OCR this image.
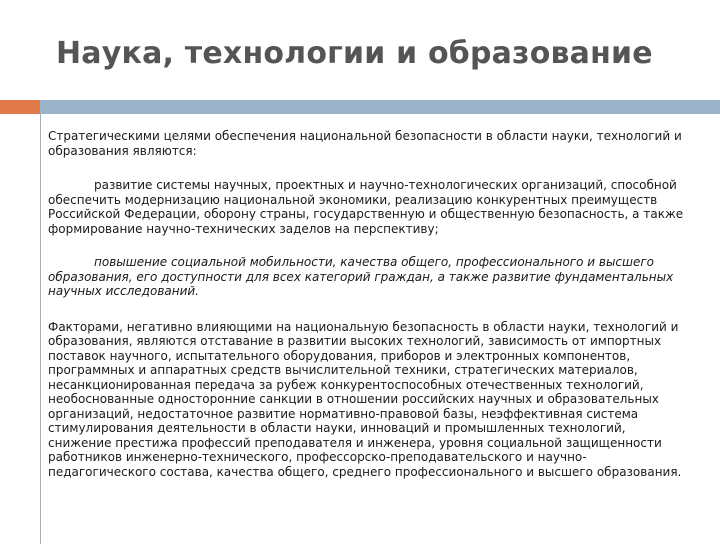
Наука, технологии и образование

Стратегическими целями обеспечения национальной безопасности в области науки, технологий и образования являются:

развитие системы научных, проектных и научно-технологических организаций, способной обеспечить модернизацию национальной экономики, реализацию конкурентных преимуществ Российской Федерации, оборону страны, государственную и общественную безопасность, а также формирование научно-технических заделов на перспективу;

повышение социальной мобильности, качества общего, профессионального и высшего образования, его доступности для всех категорий граждан, а также развитие фундаментальных научных исследований.

Факторами, негативно влияющими на национальную безопасность в области науки, технологий и образования, являются отставание в развитии высоких технологий, зависимость от импортных поставок научного, испытательного оборудования, приборов и электронных компонентов, программных и аппаратных средств вычислительной техники, стратегических материалов, несанкционированная передача за рубеж конкурентоспособных отечественных технологий, необоснованные односторонние санкции в отношении российских научных и образовательных организаций, недостаточное развитие нормативно-правовой базы, неэффективная система стимулирования деятельности в области науки, инноваций и промышленных технологий, снижение престижа профессий преподавателя и инженера, уровня социальной защищенности работников инженерно-технического, профессорско-преподавательского и научно-педагогического состава, качества общего, среднего профессионального и высшего образования.
